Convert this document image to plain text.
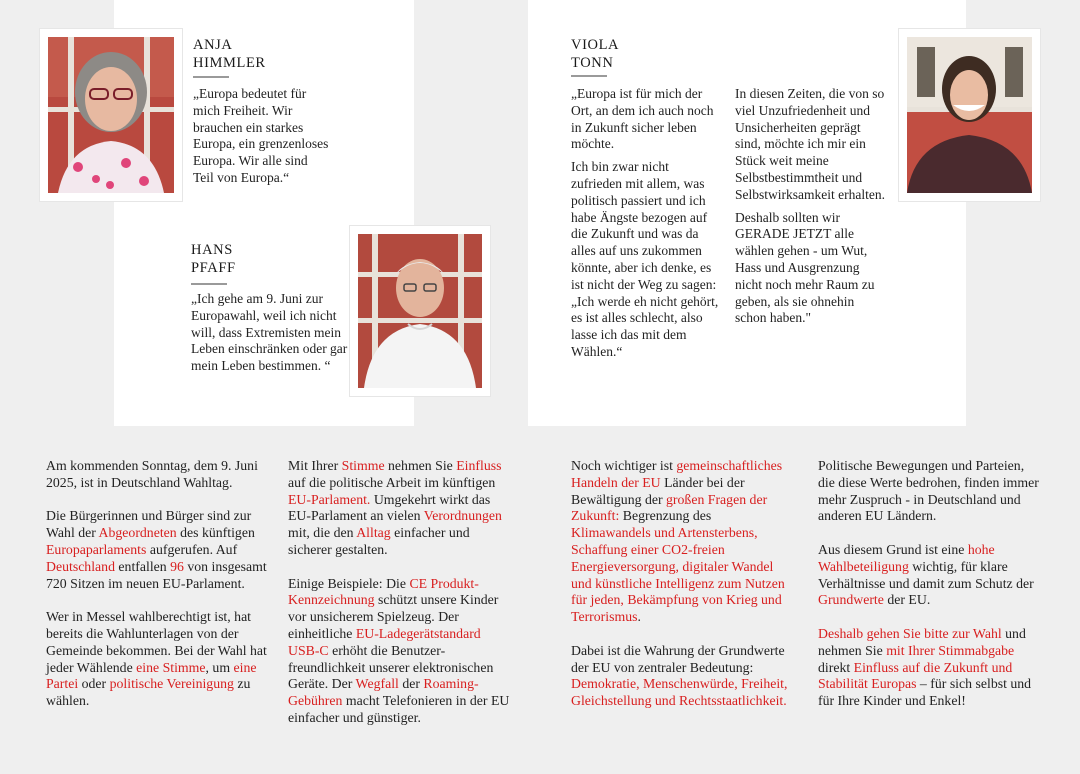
ANJA
HIMMLER

„Europa bedeutet für mich Freiheit. Wir brauchen ein starkes Europa, ein grenzenloses Europa. Wir alle sind Teil von Europa.“

HANS
PFAFF

„Ich gehe am 9. Juni zur Europawahl, weil ich nicht will, dass Extremisten mein Leben einschränken oder gar mein Leben bestimmen. “

VIOLA
TONN

„Europa ist für mich der Ort, an dem ich auch noch in Zukunft sicher leben möchte.

Ich bin zwar nicht zufrieden mit allem, was politisch passiert und ich habe Ängste bezogen auf die Zukunft und was da alles auf uns zukommen könnte, aber ich denke, es ist nicht der Weg zu sagen: „Ich werde eh nicht gehört, es ist alles schlecht, also lasse ich das mit dem Wählen.“

In diesen Zeiten, die von so viel Unzufriedenheit und Unsicherheiten geprägt sind, möchte ich mir ein Stück weit meine Selbstbestimmtheit und Selbstwirksamkeit erhalten.

Deshalb sollten wir GERADE JETZT alle wählen gehen - um Wut, Hass und Ausgrenzung nicht noch mehr Raum zu geben, als sie ohnehin schon haben."

Am kommenden Sonntag, dem 9. Juni 2025, ist in Deutschland Wahltag.

Die Bürgerinnen und Bürger sind zur Wahl der Abgeordneten des künftigen Europaparlaments aufgerufen. Auf Deutschland entfallen 96 von insgesamt 720 Sitzen im neuen EU-Parlament.

Wer in Messel wahlberechtigt ist, hat bereits die Wahlunterlagen von der Gemeinde bekommen. Bei der Wahl hat jeder Wählende eine Stimme, um eine Partei oder politische Vereinigung zu wählen.

Mit Ihrer Stimme nehmen Sie Einfluss auf die politische Arbeit im künftigen EU-Parlament. Umgekehrt wirkt das EU-Parlament an vielen Verordnungen mit, die den Alltag einfacher und sicherer gestalten.

Einige Beispiele: Die CE Produkt-Kennzeichnung schützt unsere Kinder vor unsicherem Spielzeug. Der einheitliche EU-Ladegerätstandard USB-C erhöht die Benutzer-freundlichkeit unserer elektronischen Geräte. Der Wegfall der Roaming-Gebühren macht Telefonieren in der EU einfacher und günstiger.

Noch wichtiger ist gemeinschaftliches Handeln der EU Länder bei der Bewältigung der großen Fragen der Zukunft: Begrenzung des Klimawandels und Artensterbens, Schaffung einer CO2-freien Energieversorgung, digitaler Wandel und künstliche Intelligenz zum Nutzen für jeden, Bekämpfung von Krieg und Terrorismus.

Dabei ist die Wahrung der Grundwerte der EU von zentraler Bedeutung: Demokratie, Menschenwürde, Freiheit, Gleichstellung und Rechtsstaatlichkeit.

Politische Bewegungen und Parteien, die diese Werte bedrohen, finden immer mehr Zuspruch - in Deutschland und anderen EU Ländern.

Aus diesem Grund ist eine hohe Wahlbeteiligung wichtig, für klare Verhältnisse und damit zum Schutz der Grundwerte der EU.

Deshalb gehen Sie bitte zur Wahl und nehmen Sie mit Ihrer Stimmabgabe direkt Einfluss auf die Zukunft und Stabilität Europas – für sich selbst und für Ihre Kinder und Enkel!
